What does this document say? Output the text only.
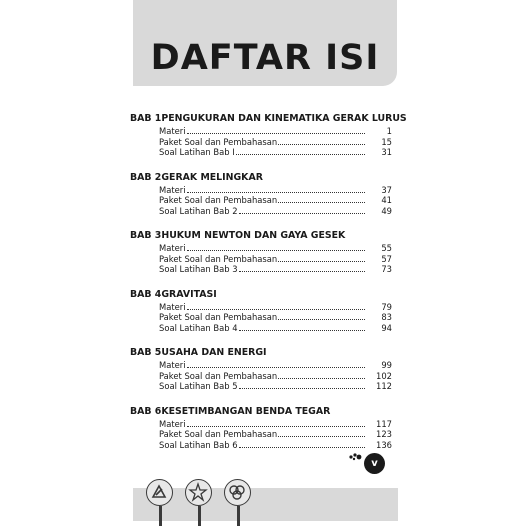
DAFTAR ISI
BAB 1PENGUKURAN DAN KINEMATIKA GERAK LURUS
Materi	1
Paket Soal dan Pembahasan	15
Soal Latihan Bab I	31
BAB 2GERAK MELINGKAR
Materi	37
Paket Soal dan Pembahasan	41
Soal Latihan Bab 2	49
BAB 3HUKUM NEWTON DAN GAYA GESEK
Materi	55
Paket Soal dan Pembahasan	57
Soal Latihan Bab 3	73
BAB 4GRAVITASI
Materi	79
Paket Soal dan Pembahasan	83
Soal Latihan Bab 4	94
BAB 5USAHA DAN ENERGI
Materi	99
Paket Soal dan Pembahasan	102
Soal Latihan Bab 5	112
BAB 6KESETIMBANGAN BENDA TEGAR
Materi	117
Paket Soal dan Pembahasan	123
Soal Latihan Bab 6	136
v
